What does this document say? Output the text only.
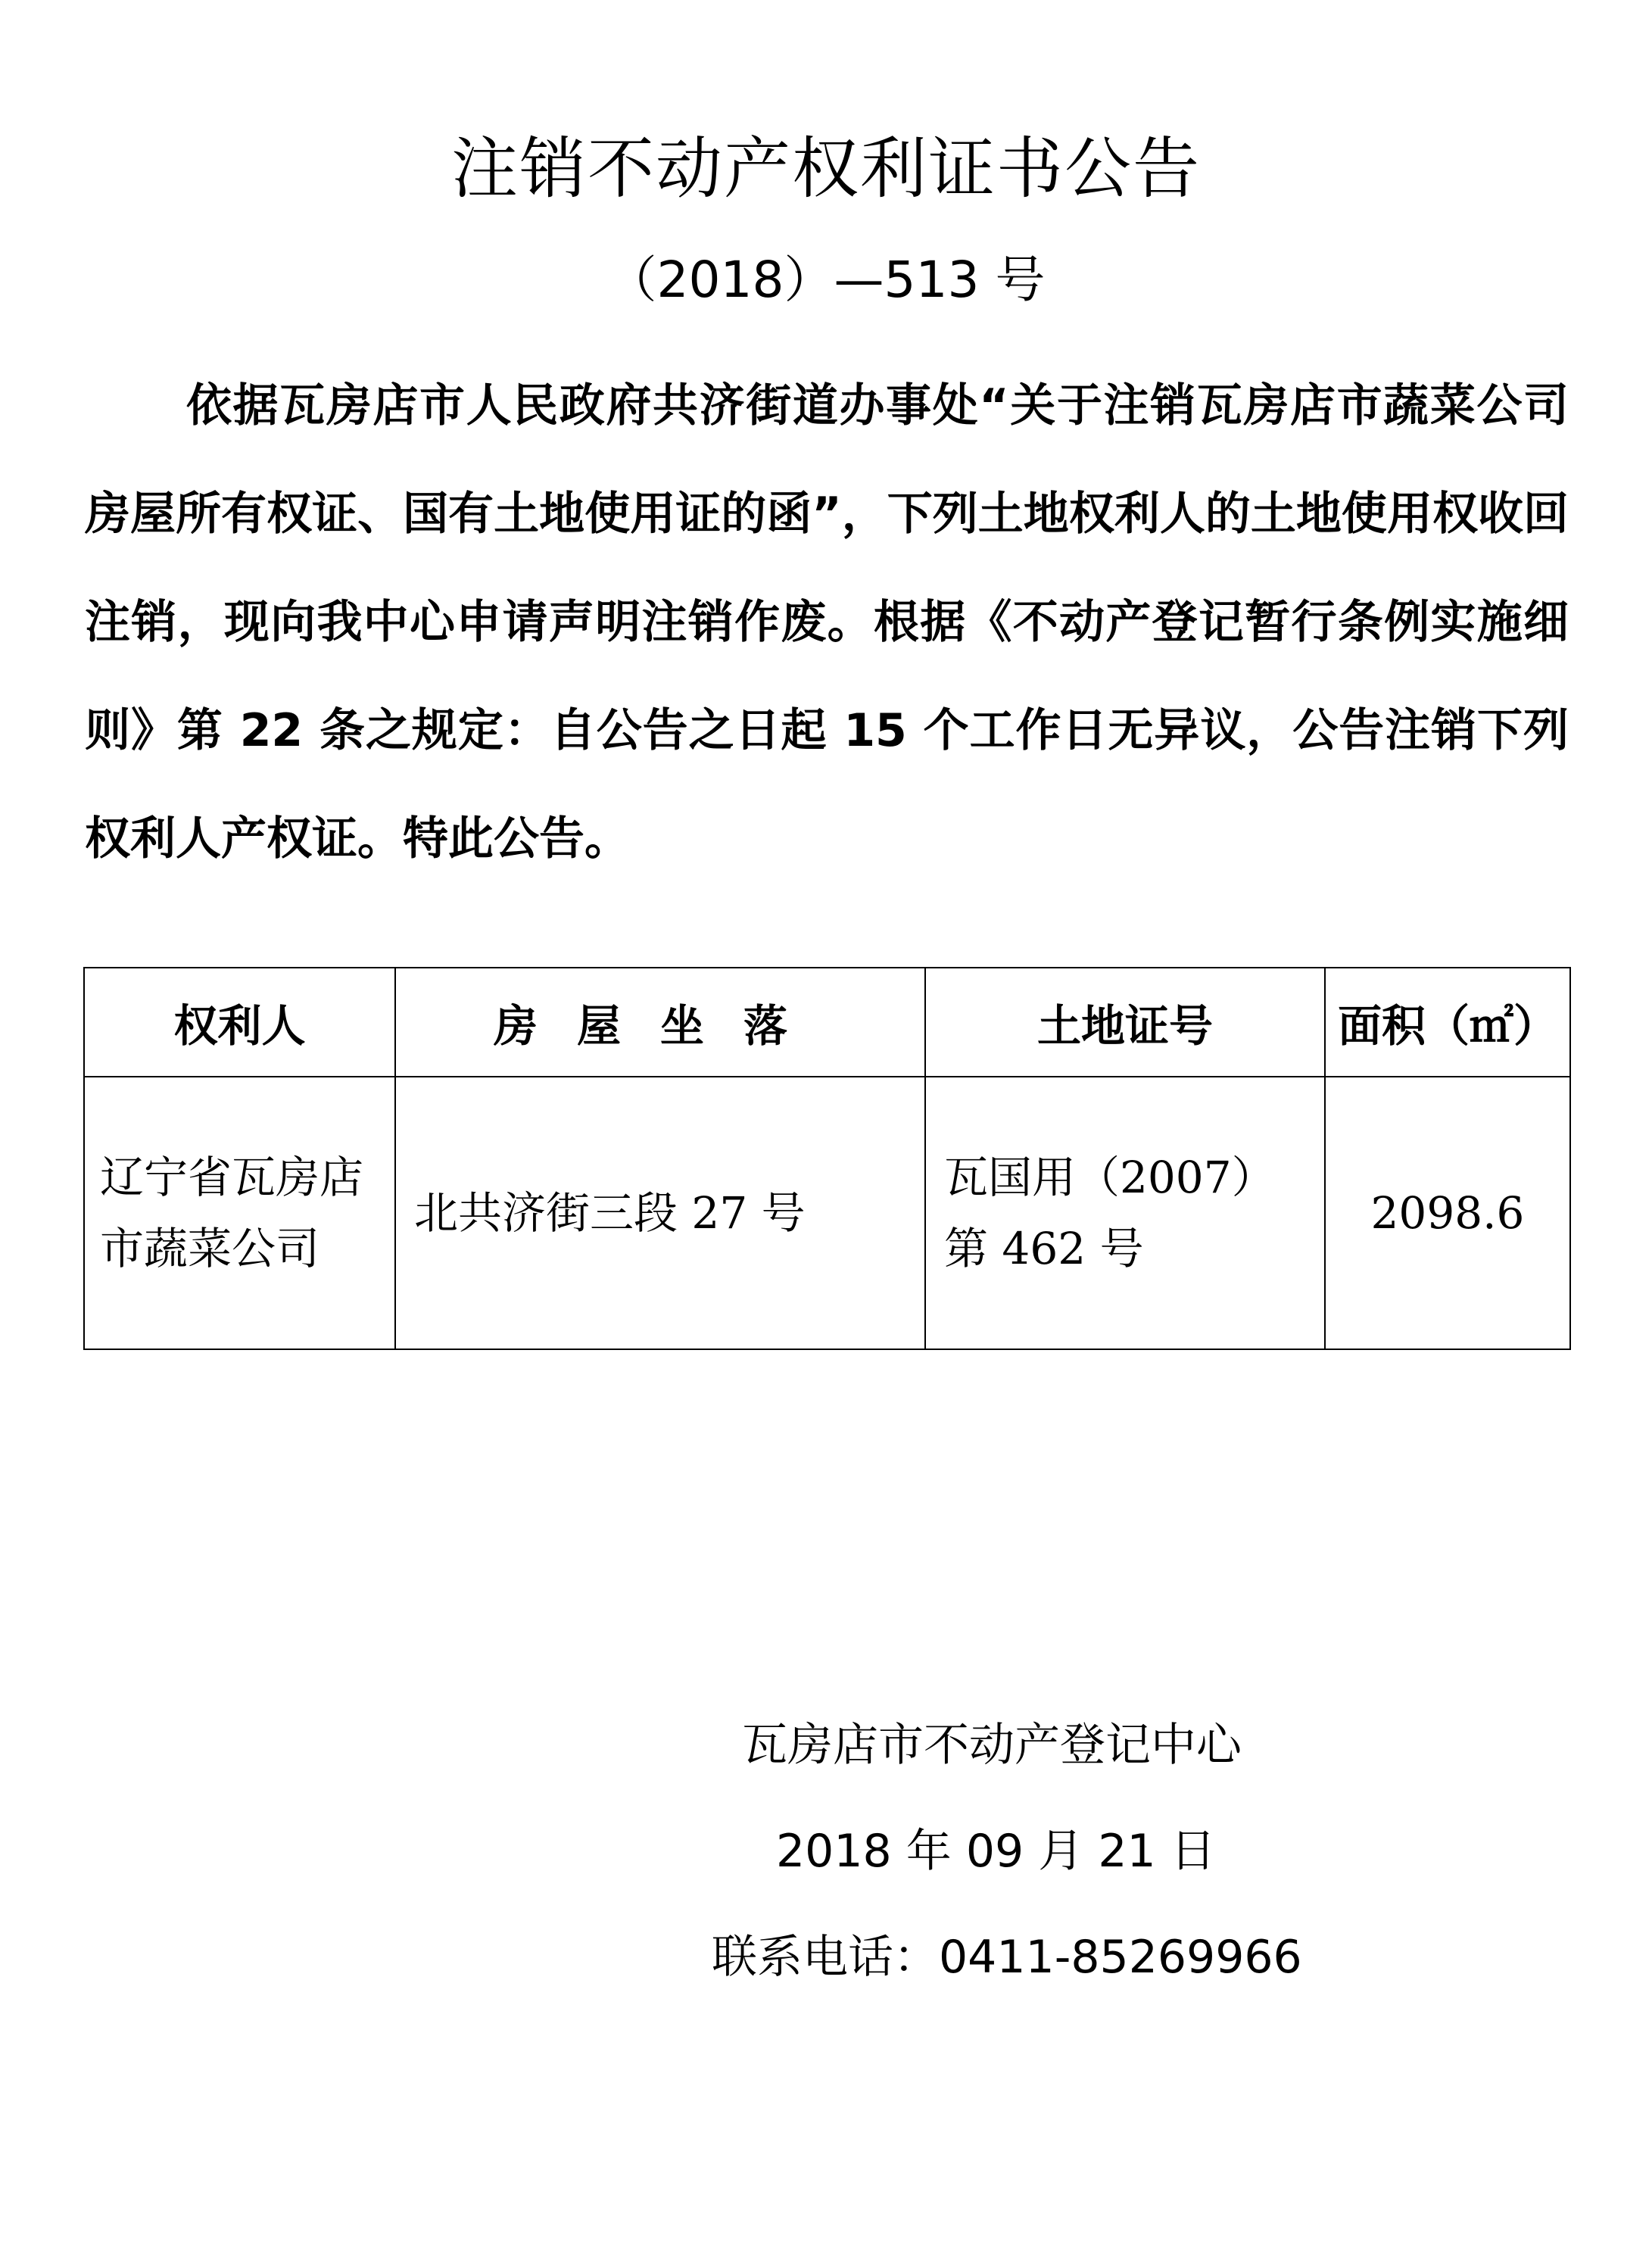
注销不动产权利证书公告
（2018）—513 号

依据瓦房店市人民政府共济街道办事处“关于注销瓦房店市蔬菜公司房屋所有权证、国有土地使用证的函”，下列土地权利人的土地使用权收回注销，现向我中心申请声明注销作废。根据《不动产登记暂行条例实施细则》第 22 条之规定：自公告之日起 15 个工作日无异议，公告注销下列权利人产权证。特此公告。

权利人	房屋坐落	土地证号	面积（㎡）
辽宁省瓦房店市蔬菜公司	北共济街三段 27 号	瓦国用（2007）第 462 号	2098.6
瓦房店市不动产登记中心
2018 年 09 月 21 日
联系电话：0411-85269966
